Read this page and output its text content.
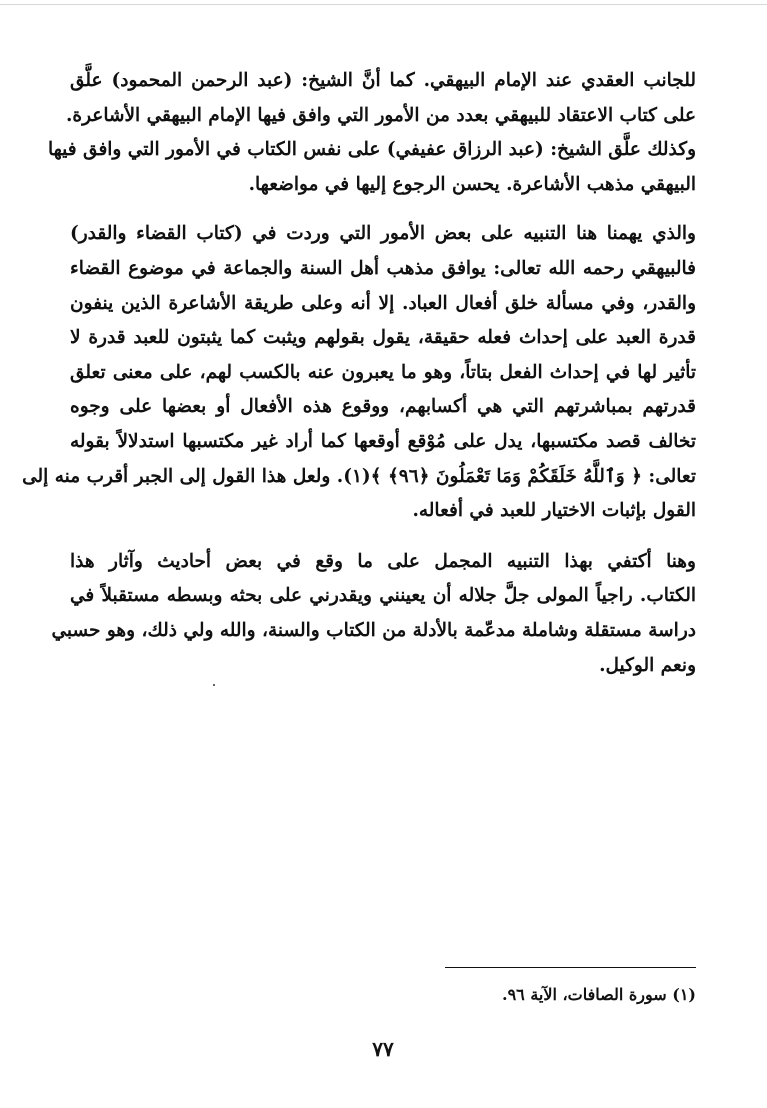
للجانب العقدي عند الإمام البيهقي. كما أنَّ الشيخ: (عبد الرحمن المحمود) علَّق
على كتاب الاعتقاد للبيهقي بعدد من الأمور التي وافق فيها الإمام البيهقي الأشاعرة.
وكذلك علَّق الشيخ: (عبد الرزاق عفيفي) على نفس الكتاب في الأمور التي وافق فيها
البيهقي مذهب الأشاعرة. يحسن الرجوع إليها في مواضعها.
والذي يهمنا هنا التنبيه على بعض الأمور التي وردت في (كتاب القضاء والقدر)
فالبيهقي رحمه الله تعالى: يوافق مذهب أهل السنة والجماعة في موضوع القضاء
والقدر، وفي مسألة خلق أفعال العباد. إلا أنه وعلى طريقة الأشاعرة الذين ينفون
قدرة العبد على إحداث فعله حقيقة، يقول بقولهم ويثبت كما يثبتون للعبد قدرة لا
تأثير لها في إحداث الفعل بتاتاً، وهو ما يعبرون عنه بالكسب لهم، على معنى تعلق
قدرتهم بمباشرتهم التي هي أكسابهم، ووقوع هذه الأفعال أو بعضها على وجوه
تخالف قصد مكتسبها، يدل على مُوْقع أوقعها كما أراد غير مكتسبها استدلالاً بقوله
تعالى: ﴿ وَٱللَّهُ خَلَقَكُمْ وَمَا تَعْمَلُونَ ﴿٩٦﴾ ﴾(١). ولعل هذا القول إلى الجبر أقرب منه إلى
القول بإثبات الاختيار للعبد في أفعاله.
وهنا أكتفي بهذا التنبيه المجمل على ما وقع في بعض أحاديث وآثار هذا
الكتاب. راجياً المولى جلَّ جلاله أن يعينني ويقدرني على بحثه وبسطه مستقبلاً في
دراسة مستقلة وشاملة مدعّمة بالأدلة من الكتاب والسنة، والله ولي ذلك، وهو حسبي
ونعم الوكيل.
(١) سورة الصافات، الآية ٩٦.
٧٧
